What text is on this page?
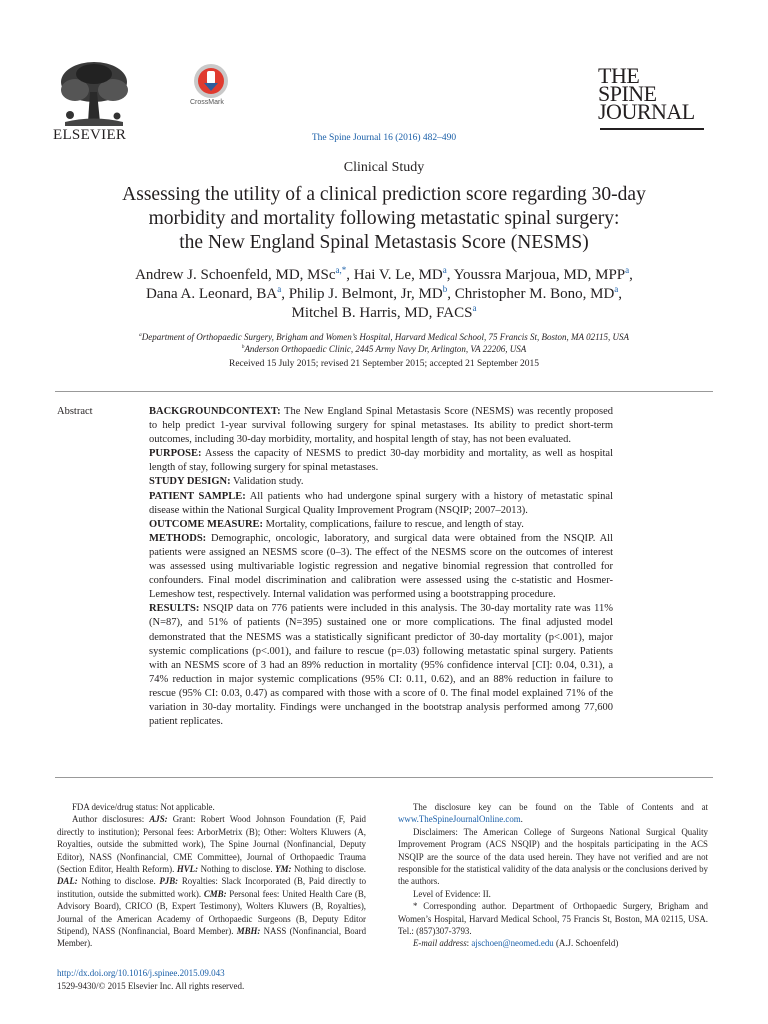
ELSEVIER
CrossMark
The Spine Journal 16 (2016) 482–490
THE
SPINE
JOURNAL
Clinical Study
Assessing the utility of a clinical prediction score regarding 30-day
morbidity and mortality following metastatic spinal surgery:
the New England Spinal Metastasis Score (NESMS)
Andrew J. Schoenfeld, MD, MSc$^{a,*}$, Hai V. Le, $MD^a$, Youssra Marjoua, MD, MPP$^a$,
Dana A. Leonard, $BA^a$, Philip J. Belmont, Jr, $MD^b$, Christopher M. Bono, $MD^a$,
Mitchel B. Harris, MD, FACS$^a$
$^a$Department of Orthopaedic Surgery, Brigham and Women’s Hospital, Harvard Medical School, 75 Francis St, Boston, MA 02115, USA
$^b$Anderson Orthopaedic Clinic, 2445 Army Navy Dr, Arlington, VA 22206, USA
Received 15 July 2015; revised 21 September 2015; accepted 21 September 2015
Abstract	BACKGROUNDCONTEXT: The New England Spinal Metastasis Score (NESMS) was recently proposed to help predict 1-year survival following surgery for spinal metastases. Its ability to predict short-term outcomes, including 30-day morbidity, mortality, and hospital length of stay, has not been evaluated.

PURPOSE: Assess the capacity of NESMS to predict 30-day morbidity and mortality, as well as hospital length of stay, following surgery for spinal metastases.

STUDY DESIGN: Validation study.

PATIENT SAMPLE: All patients who had undergone spinal surgery with a history of metastatic spinal disease within the National Surgical Quality Improvement Program (NSQIP; 2007–2013).

OUTCOME MEASURE: Mortality, complications, failure to rescue, and length of stay.

METHODS: Demographic, oncologic, laboratory, and surgical data were obtained from the NSQIP. All patients were assigned an NESMS score (0–3). The effect of the NESMS score on the outcomes of interest was assessed using multivariable logistic regression and negative binomial regression that controlled for confounders. Final model discrimination and calibration were assessed using the c-statistic and Hosmer-Lemeshow test, respectively. Internal validation was performed using a bootstrapping procedure.

RESULTS: NSQIP data on 776 patients were included in this analysis. The 30-day mortality rate was 11% (N=87), and 51% of patients (N=395) sustained one or more complications. The final adjusted model demonstrated that the NESMS was a statistically significant predictor of 30-day mortality (p<.001), major systemic complications (p<.001), and failure to rescue (p=.03) following metastatic spinal surgery. Patients with an NESMS score of 3 had an 89% reduction in mortality (95% confidence interval [CI]: 0.04, 0.31), a 74% reduction in major systemic complications (95% CI: 0.11, 0.62), and an 88% reduction in failure to rescue (95% CI: 0.03, 0.47) as compared with those with a score of 0. The final model explained 71% of the variation in 30-day mortality. Findings were unchanged in the bootstrap analysis performed among 77,600 patient replicates.

FDA device/drug status: Not applicable.

Author disclosures: AJS: Grant: Robert Wood Johnson Foundation (F, Paid directly to institution); Personal fees: ArborMetrix (B); Other: Wolters Kluwers (A, Royalties, outside the submitted work), The Spine Journal (Nonfinancial, Deputy Editor), NASS (Nonfinancial, CME Committee), Journal of Orthopaedic Trauma (Section Editor, Health Reform). HVL: Nothing to disclose. YM: Nothing to disclose. DAL: Nothing to disclose. PJB: Royalties: Slack Incorporated (B, Paid directly to institution, outside the submitted work). CMB: Personal fees: United Health Care (B, Advisory Board), CRICO (B, Expert Testimony), Wolters Kluwers (B, Royalties), Journal of the American Academy of Orthopaedic Surgeons (B, Deputy Editor Stipend), NASS (Nonfinancial, Board Member). MBH: NASS (Nonfinancial, Board Member).

The disclosure key can be found on the Table of Contents and at www.TheSpineJournalOnline.com.

Disclaimers: The American College of Surgeons National Surgical Quality Improvement Program (ACS NSQIP) and the hospitals participating in the ACS NSQIP are the source of the data used herein. They have not verified and are not responsible for the statistical validity of the data analysis or the conclusions derived by the authors.

Level of Evidence: II.

* Corresponding author. Department of Orthopaedic Surgery, Brigham and Women’s Hospital, Harvard Medical School, 75 Francis St, Boston, MA 02115, USA. Tel.: (857)307-3793.

E-mail address: ajschoen@neomed.edu (A.J. Schoenfeld)

http://dx.doi.org/10.1016/j.spinee.2015.09.043
1529-9430/© 2015 Elsevier Inc. All rights reserved.
